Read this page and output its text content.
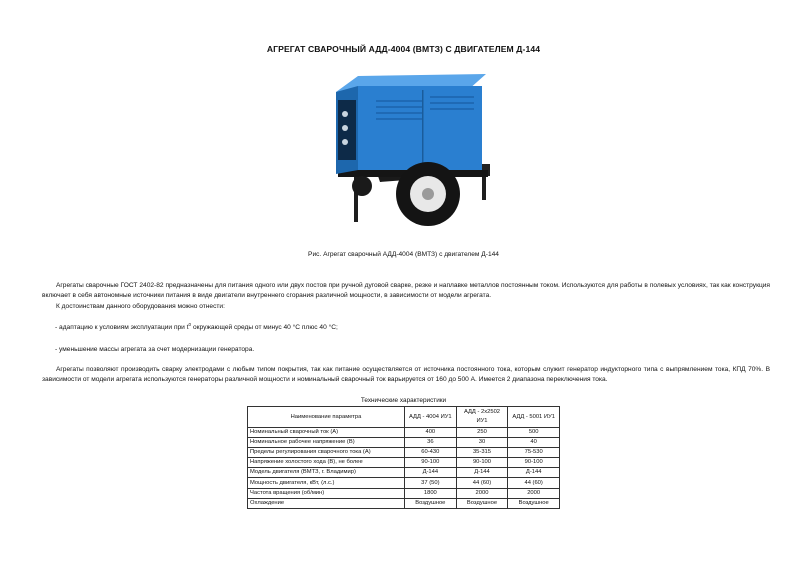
АГРЕГАТ СВАРОЧНЫЙ АДД-4004 (ВМТЗ) С ДВИГАТЕЛЕМ Д-144
Рис. Агрегат сварочный АДД-4004 (ВМТЗ) с двигателем Д-144
Агрегаты сварочные ГОСТ 2402-82 предназначены для питания одного или двух постов при ручной дуговой сварке, резке и наплавке металлов постоянным током. Используются для работы в полевых условиях, так как конструкция включает в себя автономные источники питания в виде двигатели внутреннего сгорания различной мощности, в зависимости от модели агрегата.
К достоинствам данного оборудования можно отнести:
- адаптацию к условиям эксплуатации при $t^0$ окружающей среды от минус 40 °C плюс 40 °C;
- уменьшение массы агрегата за счет модернизации генератора.
Агрегаты позволяют производить сварку электродами с любым типом покрытия, так как питание осуществляется от источника постоянного тока, которым служит генератор индукторного типа с выпрямлением тока, КПД 70%. В зависимости от модели агрегата используются генераторы различной мощности и номинальный сварочный ток варьируется от 160 до 500 А. Имеется 2 диапазона переключения тока.
Технические характеристики
Наименование параметра	АДД - 4004 ИУ1	АДД - 2х2502 ИУ1	АДД - 5001 ИУ1
Номинальный сварочный ток (А)	400	250	500
Номинальное рабочее напряжение (В)	36	30	40
Пределы регулирования сварочного тока (А)	60-430	35-315	75-530
Напряжение холостого хода (В), не более	90-100	90-100	90-100
Модель двигателя (ВМТЗ, г. Владимир)	Д-144	Д-144	Д-144
Мощность двигателя, кВт, (л.с.)	37 (50)	44 (60)	44 (60)
Частота вращения (об/мин)	1800	2000	2000
Охлаждение	Воздушное	Воздушное	Воздушное
